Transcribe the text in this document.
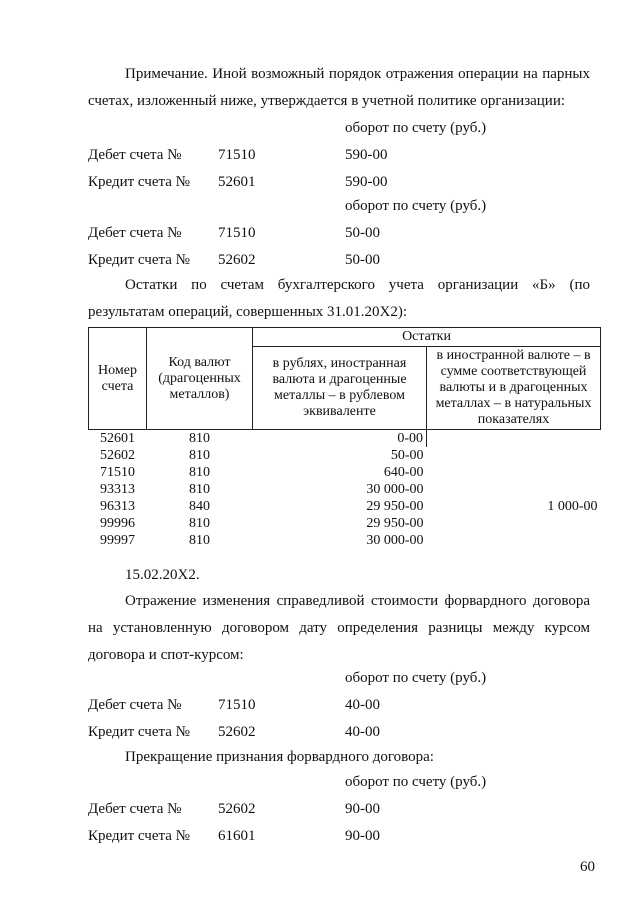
Примечание. Иной возможный порядок отражения операции на парных
счетах, изложенный ниже, утверждается в учетной политике организации:
оборот по счету (руб.)
Дебет счета № 71510	590-00
Кредит счета № 52601	590-00
оборот по счету (руб.)
Дебет счета № 71510	50-00
Кредит счета № 52602	50-00
Остатки по счетам бухгалтерского учета организации «Б» (по
результатам операций, совершенных 31.01.20Х2):
Номер счета	Код валют (драгоценных металлов)	Остатки	
		в рублях, иностранная валюта и драгоценные металлы – в рублевом эквиваленте	в иностранной валюте – в сумме соответствующей валюты и в драгоценных металлах – в натуральных показателях
52601	810	0-00	
52602	810	50-00	
71510	810	640-00	
93313	810	30 000-00	
96313	840	29 950-00	1 000-00
99996	810	29 950-00	
99997	810	30 000-00	
15.02.20Х2.
Отражение изменения справедливой стоимости форвардного договора
на установленную договором дату определения разницы между курсом
договора и спот-курсом:
оборот по счету (руб.)
Дебет счета № 71510	40-00
Кредит счета № 52602	40-00
Прекращение признания форвардного договора:
оборот по счету (руб.)
Дебет счета № 52602	90-00
Кредит счета № 61601	90-00
60
